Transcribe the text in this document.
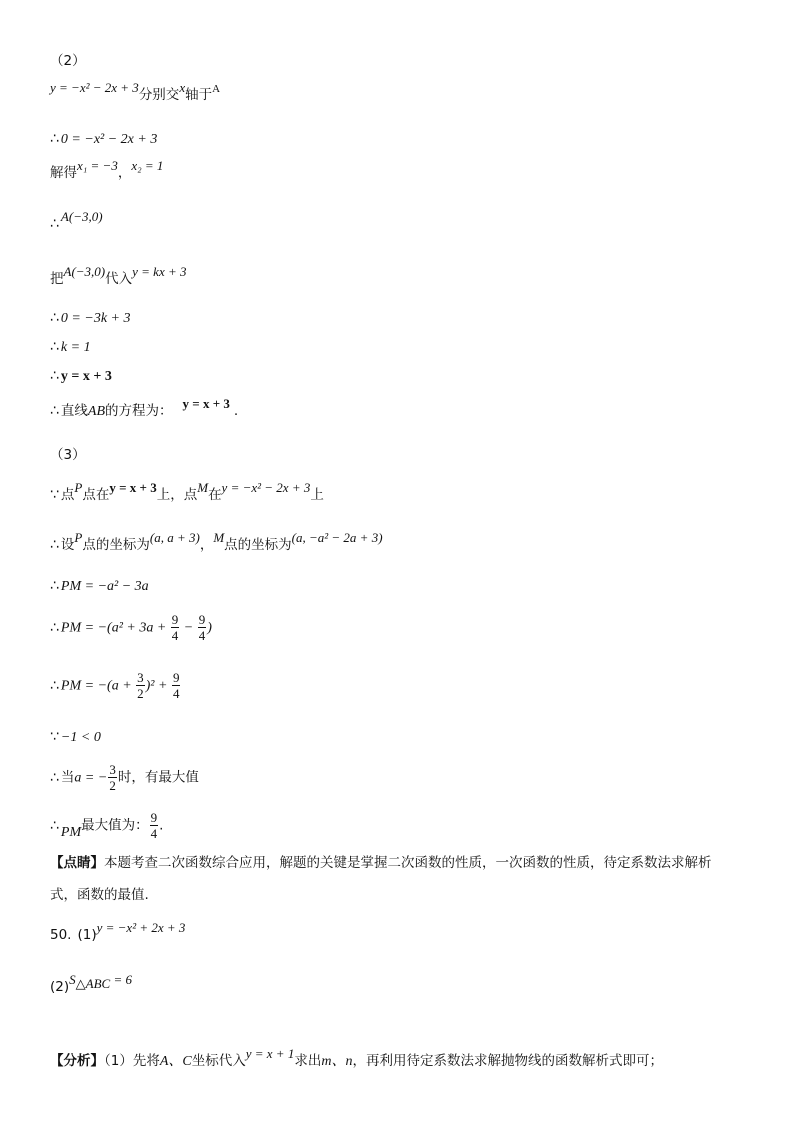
（2）
y = −x² − 2x + 3分别交x轴于$^A$
∴ 0 = −x² − 2x + 3
解得x₁ = −3，x₂ = 1
∴ A(−3,0)
把A(−3,0)代入y = kx + 3
∴ 0 = −3k + 3
∴ k = 1
∴ y = x + 3
∴ 直线AB的方程为： y = x + 3 .
（3）
∵ 点P点在y = x + 3上，点M在y = −x² − 2x + 3上
∴ 设P点的坐标为(a, a + 3)，M点的坐标为(a, −a² − 2a + 3)
∴ PM = −a² − 3a
∴ PM = $-(a^2 + 3a + \frac{9}{4} - \frac{9}{4}$ )
∴ PM = $-(a + \frac{3}{2} )^2 + \frac{9}{4}$
∵ −1 < 0
∴ 当a = − $\frac{3}{2}$ 时，有最大值
∴ PM最大值为： $\frac{9}{4}$ .
【点睛】本题考查二次函数综合应用，解题的关键是掌握二次函数的性质，一次函数的性质，待定系数法求解析
式，函数的最值.
50. (1)y = −x² + 2x + 3
$(2)S_{\triangle ABC} = 6$
【分析】（1）先将A、C坐标代入y = x + 1求出m、n，再利用待定系数法求解抛物线的函数解析式即可；
